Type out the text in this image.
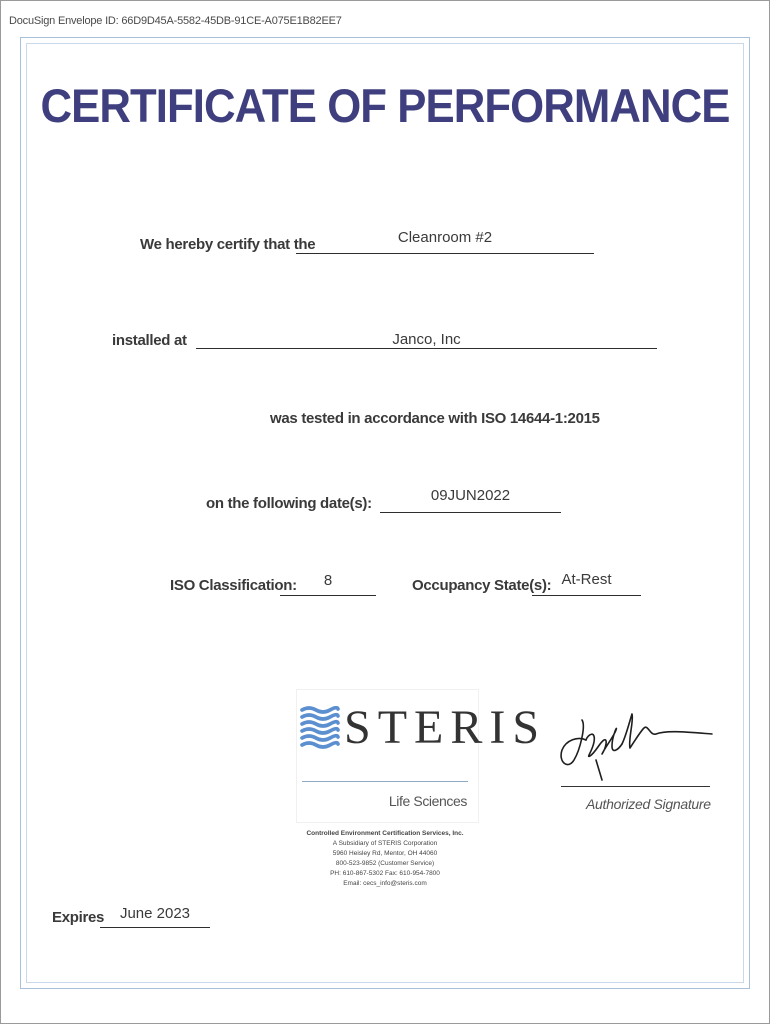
DocuSign Envelope ID: 66D9D45A-5582-45DB-91CE-A075E1B82EE7
CERTIFICATE OF PERFORMANCE
We hereby certify that the	Cleanroom #2
installed at	Janco, Inc
was tested in accordance with ISO 14644-1:2015
on the following date(s):	09JUN2022
ISO Classification:	8	Occupancy State(s): At-Rest
STERIS
Life Sciences
Controlled Environment Certification Services, Inc.
A Subsidiary of STERIS Corporation
5960 Heisley Rd, Mentor, OH 44060
800-523-9852 (Customer Service)
PH: 610-867-5302 Fax: 610-954-7800
Email: cecs_info@steris.com
Authorized Signature
Expires	June 2023
